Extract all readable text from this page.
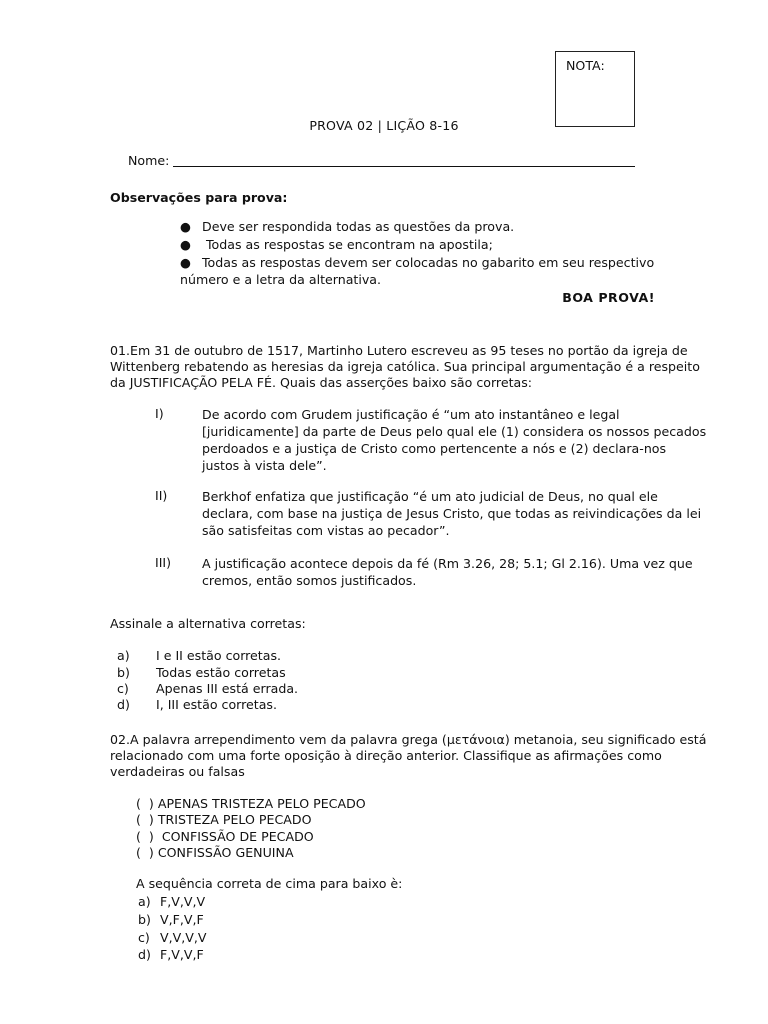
NOTA:
PROVA 02 | LIÇÃO 8-16
Nome:
Observações para prova:
● Deve ser respondida todas as questões da prova.
● Todas as respostas se encontram na apostila;
● Todas as respostas devem ser colocadas no gabarito em seu respectivo
número e a letra da alternativa.
BOA PROVA!
01.Em 31 de outubro de 1517, Martinho Lutero escreveu as 95 teses no portão da igreja de
Wittenberg rebatendo as heresias da igreja católica. Sua principal argumentação é a respeito
da JUSTIFICAÇÃO PELA FÉ. Quais das asserções baixo são corretas:
I)	De acordo com Grudem justificação é “um ato instantâneo e legal
[juridicamente] da parte de Deus pelo qual ele (1) considera os nossos pecados
perdoados e a justiça de Cristo como pertencente a nós e (2) declara-nos
justos à vista dele”.
II)	Berkhof enfatiza que justificação “é um ato judicial de Deus, no qual ele
declara, com base na justiça de Jesus Cristo, que todas as reivindicações da lei
são satisfeitas com vistas ao pecador”.
III) A justificação acontece depois da fé (Rm 3.26, 28; 5.1; Gl 2.16). Uma vez que
cremos, então somos justificados.
Assinale a alternativa corretas:
a) I e II estão corretas.
b) Todas estão corretas
c) Apenas III está errada.
d) I, III estão corretas.
02.A palavra arrependimento vem da palavra grega (μετάνοια) metanoia, seu significado está
relacionado com uma forte oposição à direção anterior. Classifique as afirmações como
verdadeiras ou falsas
(  ) APENAS TRISTEZA PELO PECADO
(  ) TRISTEZA PELO PECADO
(  )  CONFISSÃO DE PECADO
(  ) CONFISSÃO GENUINA
A sequência correta de cima para baixo è:
a) F,V,V,V
b) V,F,V,F
c) V,V,V,V
d) F,V,V,F
